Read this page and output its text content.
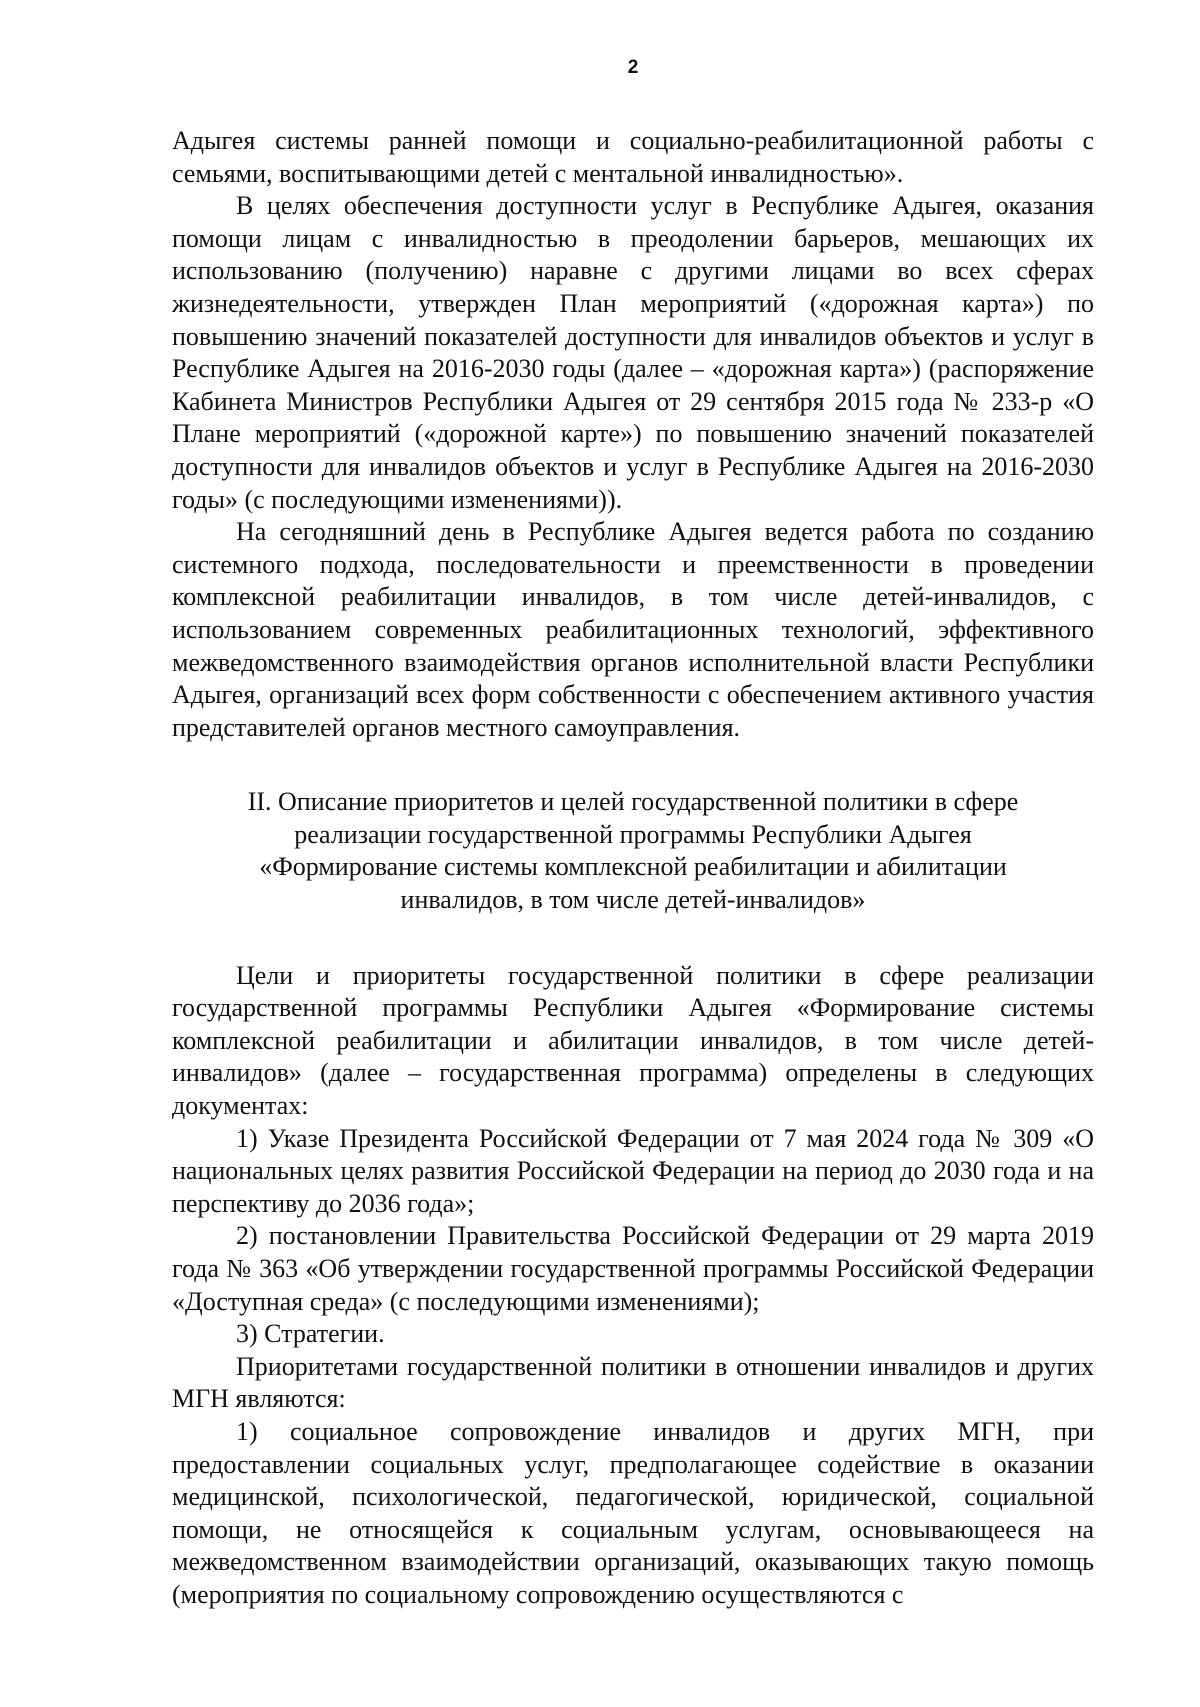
2

Адыгея системы ранней помощи и социально-реабилитационной работы с семьями, воспитывающими детей с ментальной инвалидностью».

В целях обеспечения доступности услуг в Республике Адыгея, оказания помощи лицам с инвалидностью в преодолении барьеров, мешающих их использованию (получению) наравне с другими лицами во всех сферах жизнедеятельности, утвержден План мероприятий («дорожная карта») по повышению значений показателей доступности для инвалидов объектов и услуг в Республике Адыгея на 2016-2030 годы (далее – «дорожная карта») (распоряжение Кабинета Министров Республики Адыгея от 29 сентября 2015 года № 233-р «О Плане мероприятий («дорожной карте») по повышению значений показателей доступности для инвалидов объектов и услуг в Республике Адыгея на 2016-2030 годы» (с последующими изменениями)).

На сегодняшний день в Республике Адыгея ведется работа по созданию системного подхода, последовательности и преемственности в проведении комплексной реабилитации инвалидов, в том числе детей-инвалидов, с использованием современных реабилитационных технологий, эффективного межведомственного взаимодействия органов исполнительной власти Республики Адыгея, организаций всех форм собственности с обеспечением активного участия представителей органов местного самоуправления.

II. Описание приоритетов и целей государственной политики в сфере
реализации государственной программы Республики Адыгея
«Формирование системы комплексной реабилитации и абилитации
инвалидов, в том числе детей-инвалидов»

Цели и приоритеты государственной политики в сфере реализации государственной программы Республики Адыгея «Формирование системы комплексной реабилитации и абилитации инвалидов, в том числе детей-инвалидов» (далее – государственная программа) определены в следующих документах:

1) Указе Президента Российской Федерации от 7 мая 2024 года № 309 «О национальных целях развития Российской Федерации на период до 2030 года и на перспективу до 2036 года»;

2) постановлении Правительства Российской Федерации от 29 марта 2019 года № 363 «Об утверждении государственной программы Российской Федерации «Доступная среда» (с последующими изменениями);

3) Стратегии.

Приоритетами государственной политики в отношении инвалидов и других МГН являются:

1) социальное сопровождение инвалидов и других МГН, при предоставлении социальных услуг, предполагающее содействие в оказании медицинской, психологической, педагогической, юридической, социальной помощи, не относящейся к социальным услугам, основывающееся на межведомственном взаимодействии организаций, оказывающих такую помощь (мероприятия по социальному сопровождению осуществляются с
